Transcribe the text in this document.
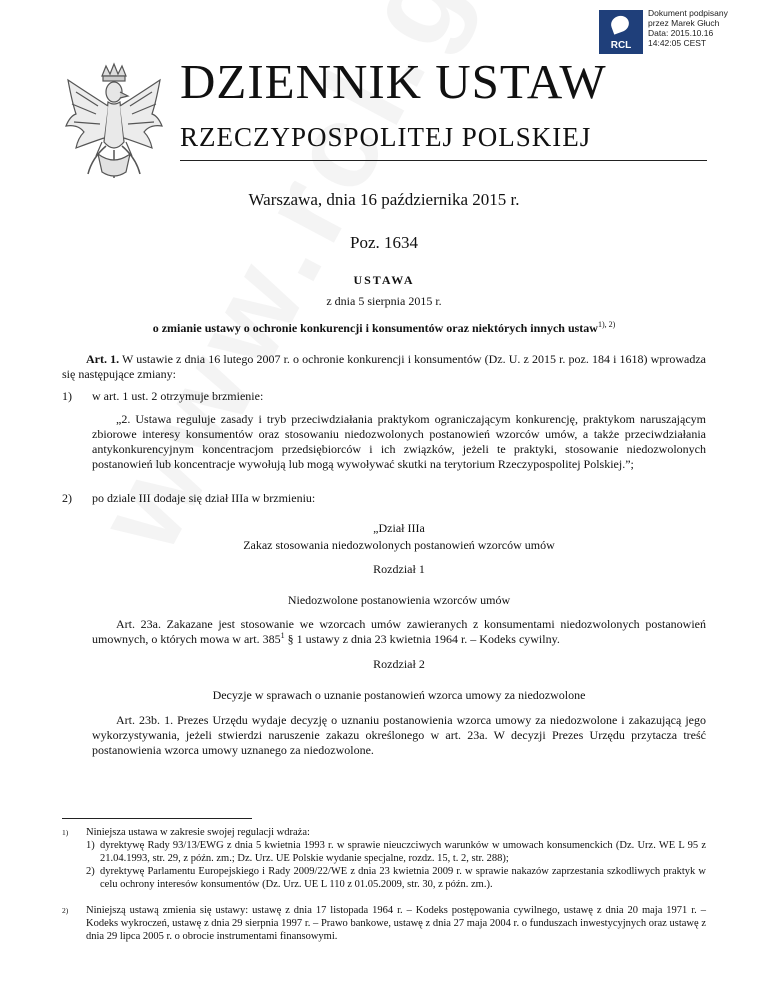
RCL
Dokument podpisany
przez Marek Głuch
Data: 2015.10.16
14:42:05 CEST
DZIENNIK USTAW
RZECZYPOSPOLITEJ POLSKIEJ
Warszawa, dnia 16 października 2015 r.
Poz. 1634
USTAWA
z dnia 5 sierpnia 2015 r.
o zmianie ustawy o ochronie konkurencji i konsumentów oraz niektórych innych ustaw$^{1), 2)}$
Art. 1. W ustawie z dnia 16 lutego 2007 r. o ochronie konkurencji i konsumentów (Dz. U. z 2015 r. poz. 184 i 1618) wprowadza się następujące zmiany:
1) w art. 1 ust. 2 otrzymuje brzmienie:
„2. Ustawa reguluje zasady i tryb przeciwdziałania praktykom ograniczającym konkurencję, praktykom naruszającym zbiorowe interesy konsumentów oraz stosowaniu niedozwolonych postanowień wzorców umów, a także przeciwdziałania antykonkurencyjnym koncentracjom przedsiębiorców i ich związków, jeżeli te praktyki, stosowanie niedozwolonych postanowień lub koncentracje wywołują lub mogą wywoływać skutki na terytorium Rzeczypospolitej Polskiej.”;
2) po dziale III dodaje się dział IIIa w brzmieniu:
„Dział IIIa
Zakaz stosowania niedozwolonych postanowień wzorców umów
Rozdział 1
Niedozwolone postanowienia wzorców umów
Art. 23a. Zakazane jest stosowanie we wzorcach umów zawieranych z konsumentami niedozwolonych postanowień umownych, o których mowa w art. $385^1$ § 1 ustawy z dnia 23 kwietnia 1964 r. – Kodeks cywilny.
Rozdział 2
Decyzje w sprawach o uznanie postanowień wzorca umowy za niedozwolone
Art. 23b. 1. Prezes Urzędu wydaje decyzję o uznaniu postanowienia wzorca umowy za niedozwolone i zakazującą jego wykorzystywania, jeżeli stwierdzi naruszenie zakazu określonego w art. 23a. W decyzji Prezes Urzędu przytacza treść postanowienia wzorca umowy uznanego za niedozwolone.
1) Niniejsza ustawa w zakresie swojej regulacji wdraża:
1) dyrektywę Rady 93/13/EWG z dnia 5 kwietnia 1993 r. w sprawie nieuczciwych warunków w umowach konsumenckich (Dz. Urz. WE L 95 z 21.04.1993, str. 29, z późn. zm.; Dz. Urz. UE Polskie wydanie specjalne, rozdz. 15, t. 2, str. 288);
2) dyrektywę Parlamentu Europejskiego i Rady 2009/22/WE z dnia 23 kwietnia 2009 r. w sprawie nakazów zaprzestania szkodliwych praktyk w celu ochrony interesów konsumentów (Dz. Urz. UE L 110 z 01.05.2009, str. 30, z późn. zm.).
2) Niniejszą ustawą zmienia się ustawy: ustawę z dnia 17 listopada 1964 r. – Kodeks postępowania cywilnego, ustawę z dnia 20 maja 1971 r. – Kodeks wykroczeń, ustawę z dnia 29 sierpnia 1997 r. – Prawo bankowe, ustawę z dnia 27 maja 2004 r. o funduszach inwestycyjnych oraz ustawę z dnia 29 lipca 2005 r. o obrocie instrumentami finansowymi.
